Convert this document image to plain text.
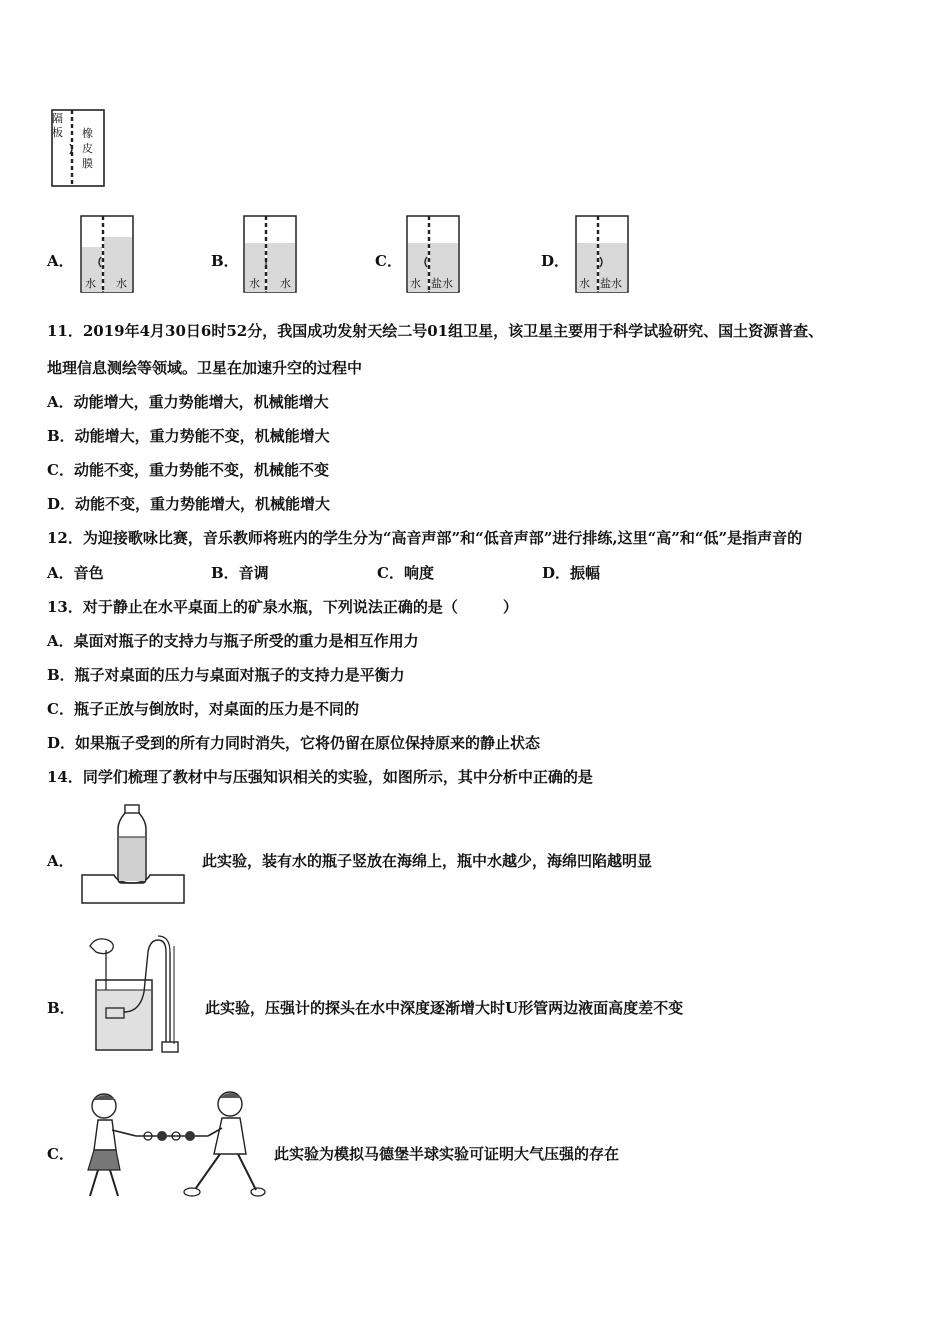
隔板 橡皮膜
A．
水 水
B．
水 水
C．
水 盐水
D．
水 盐水
11．2019年4月30日6时52分，我国成功发射天绘二号01组卫星，该卫星主要用于科学试验研究、国土资源普查、
地理信息测绘等领域。卫星在加速升空的过程中
A．动能增大，重力势能增大，机械能增大
B．动能增大，重力势能不变，机械能增大
C．动能不变，重力势能不变，机械能不变
D．动能不变，重力势能增大，机械能增大
12．为迎接歌咏比赛，音乐教师将班内的学生分为“高音声部”和“低音声部”进行排练,这里“高”和“低”是指声音的
A．音色	B．音调	C．响度	D．振幅
13．对于静止在水平桌面上的矿泉水瓶，下列说法正确的是（　　　）
A．桌面对瓶子的支持力与瓶子所受的重力是相互作用力
B．瓶子对桌面的压力与桌面对瓶子的支持力是平衡力
C．瓶子正放与倒放时，对桌面的压力是不同的
D．如果瓶子受到的所有力同时消失，它将仍留在原位保持原来的静止状态
14．同学们梳理了教材中与压强知识相关的实验，如图所示，其中分析中正确的是
A．	此实验，装有水的瓶子竖放在海绵上，瓶中水越少，海绵凹陷越明显
B．	此实验，压强计的探头在水中深度逐渐增大时U形管两边液面高度差不变
C．	此实验为模拟马德堡半球实验可证明大气压强的存在
